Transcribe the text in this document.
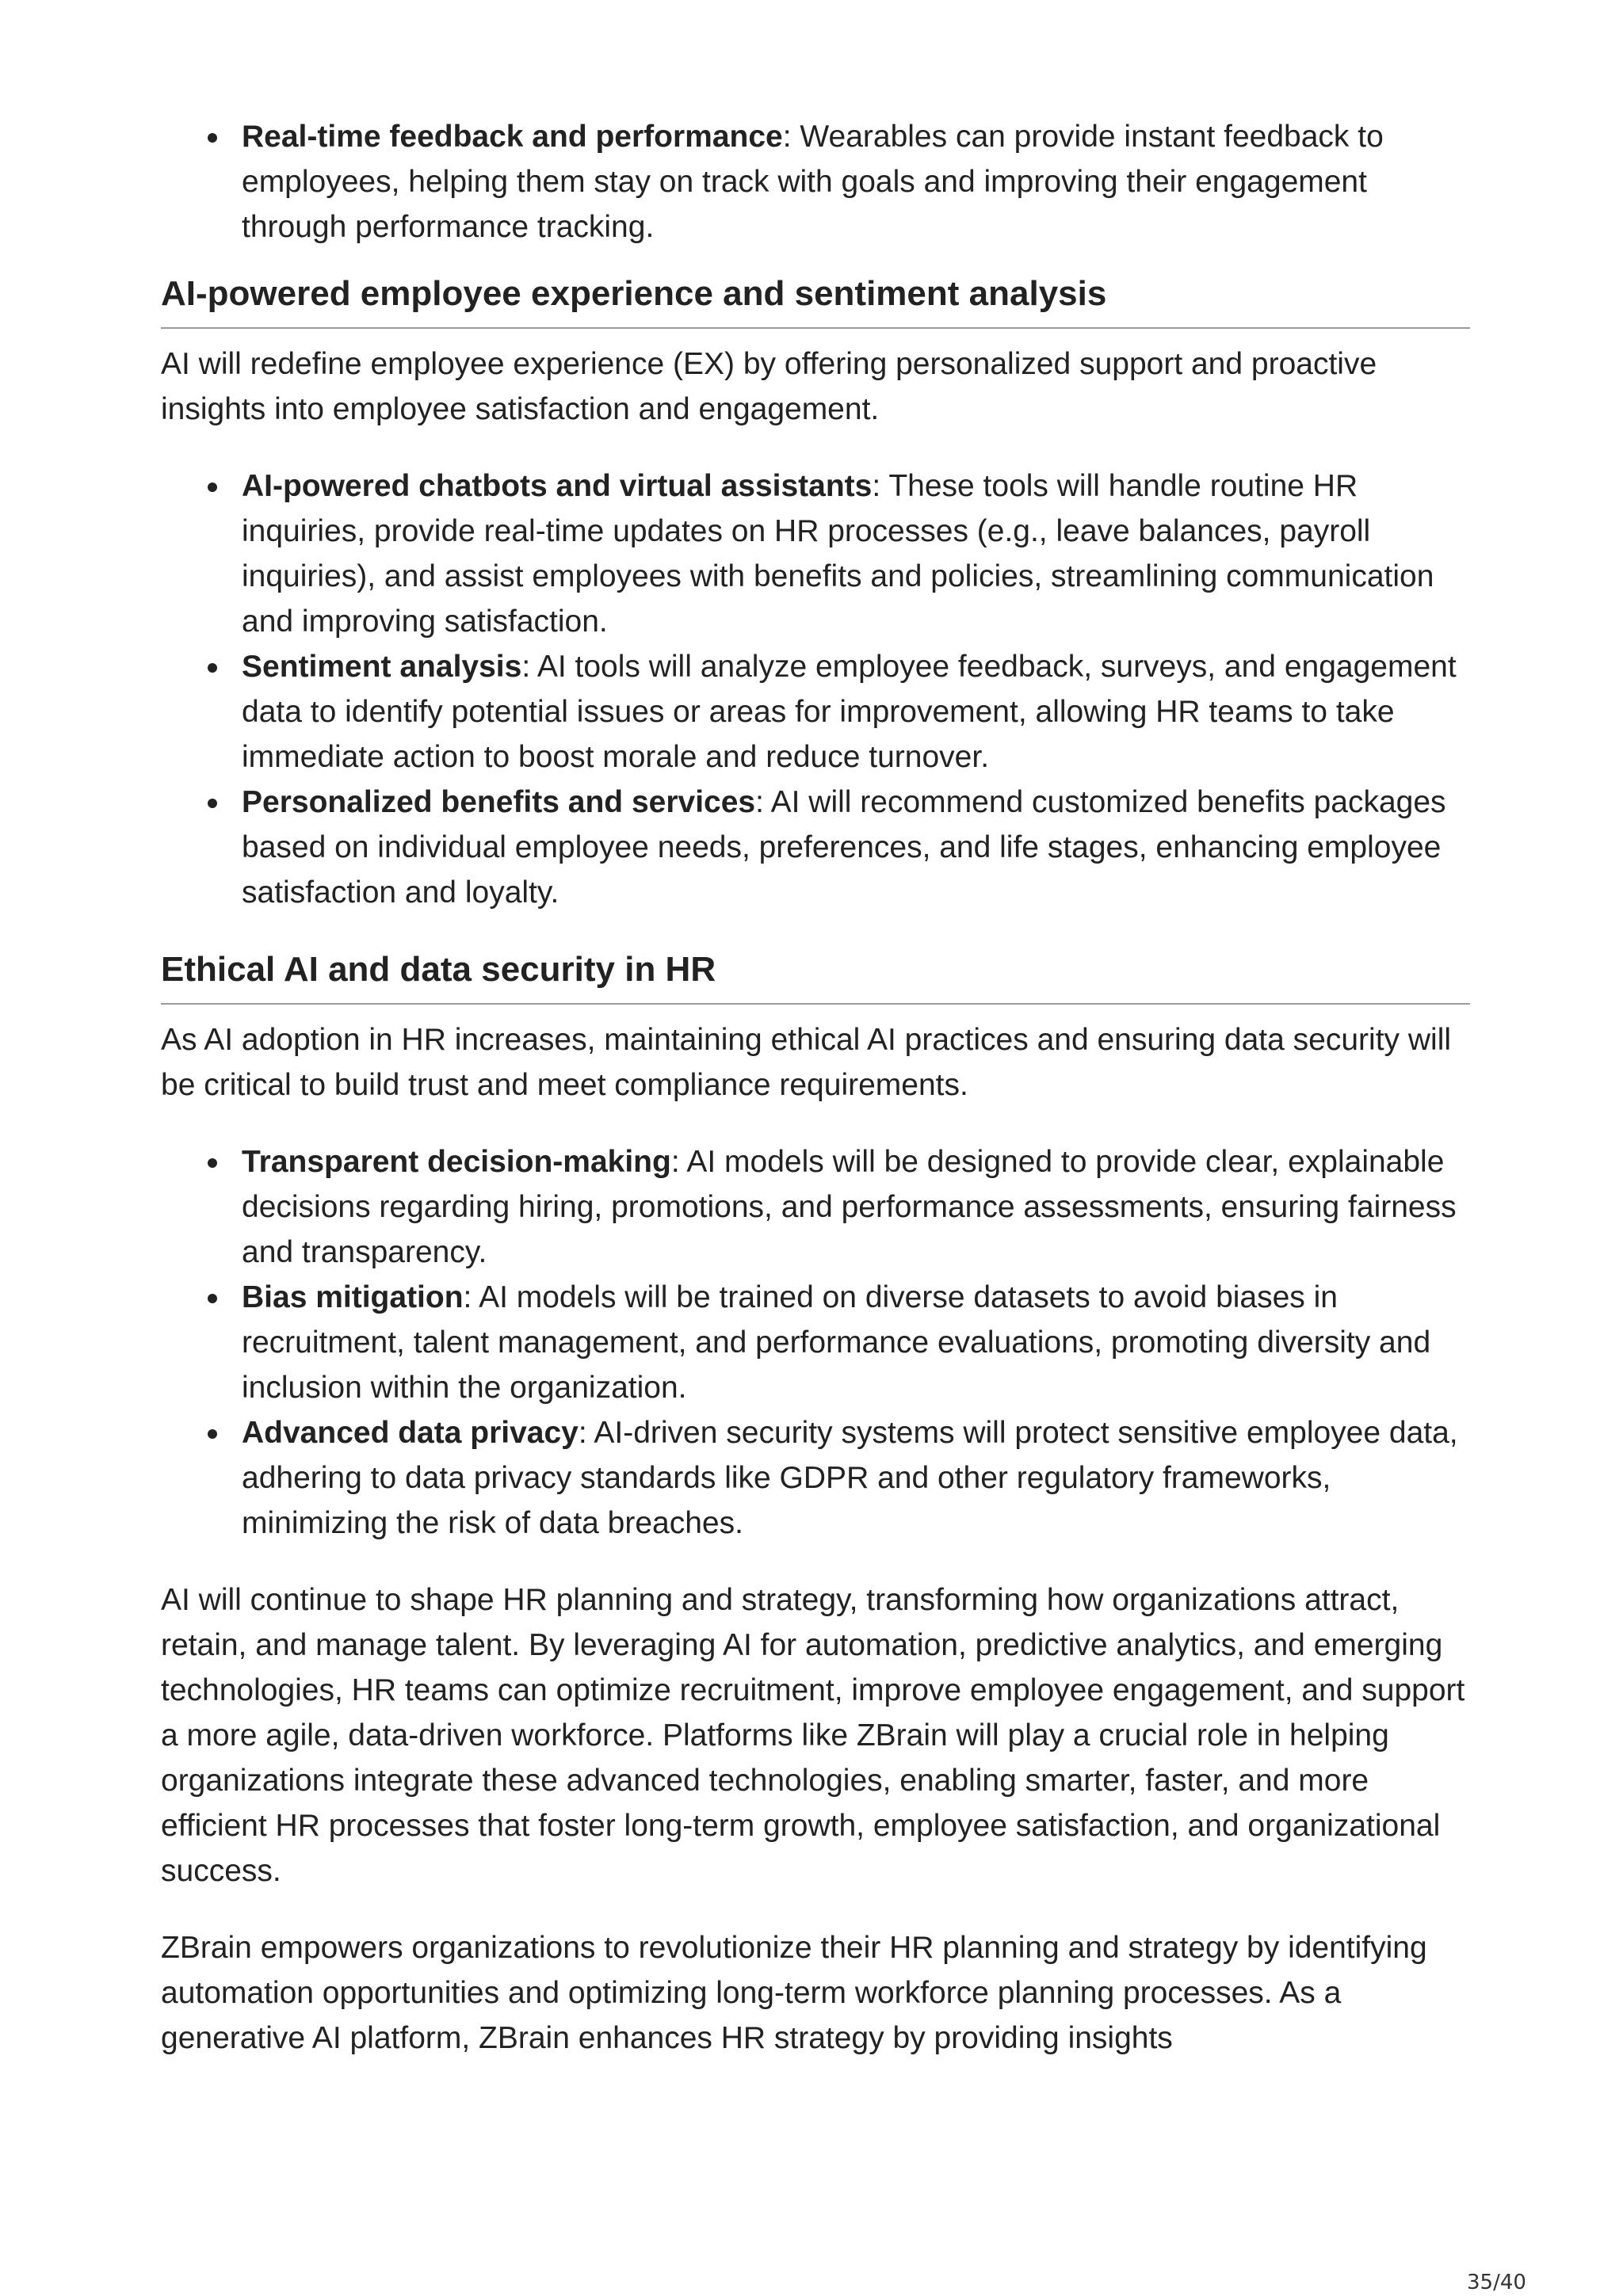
Real-time feedback and performance: Wearables can provide instant feedback to employees, helping them stay on track with goals and improving their engagement through performance tracking.
AI-powered employee experience and sentiment analysis

AI will redefine employee experience (EX) by offering personalized support and proactive insights into employee satisfaction and engagement.

AI-powered chatbots and virtual assistants: These tools will handle routine HR inquiries, provide real-time updates on HR processes (e.g., leave balances, payroll inquiries), and assist employees with benefits and policies, streamlining communication and improving satisfaction.
Sentiment analysis: AI tools will analyze employee feedback, surveys, and engagement data to identify potential issues or areas for improvement, allowing HR teams to take immediate action to boost morale and reduce turnover.
Personalized benefits and services: AI will recommend customized benefits packages based on individual employee needs, preferences, and life stages, enhancing employee satisfaction and loyalty.
Ethical AI and data security in HR

As AI adoption in HR increases, maintaining ethical AI practices and ensuring data security will be critical to build trust and meet compliance requirements.

Transparent decision-making: AI models will be designed to provide clear, explainable decisions regarding hiring, promotions, and performance assessments, ensuring fairness and transparency.
Bias mitigation: AI models will be trained on diverse datasets to avoid biases in recruitment, talent management, and performance evaluations, promoting diversity and inclusion within the organization.
Advanced data privacy: AI-driven security systems will protect sensitive employee data, adhering to data privacy standards like GDPR and other regulatory frameworks, minimizing the risk of data breaches.

AI will continue to shape HR planning and strategy, transforming how organizations attract, retain, and manage talent. By leveraging AI for automation, predictive analytics, and emerging technologies, HR teams can optimize recruitment, improve employee engagement, and support a more agile, data-driven workforce. Platforms like ZBrain will play a crucial role in helping organizations integrate these advanced technologies, enabling smarter, faster, and more efficient HR processes that foster long-term growth, employee satisfaction, and organizational success.

ZBrain empowers organizations to revolutionize their HR planning and strategy by identifying automation opportunities and optimizing long-term workforce planning processes. As a generative AI platform, ZBrain enhances HR strategy by providing insights

35/40
